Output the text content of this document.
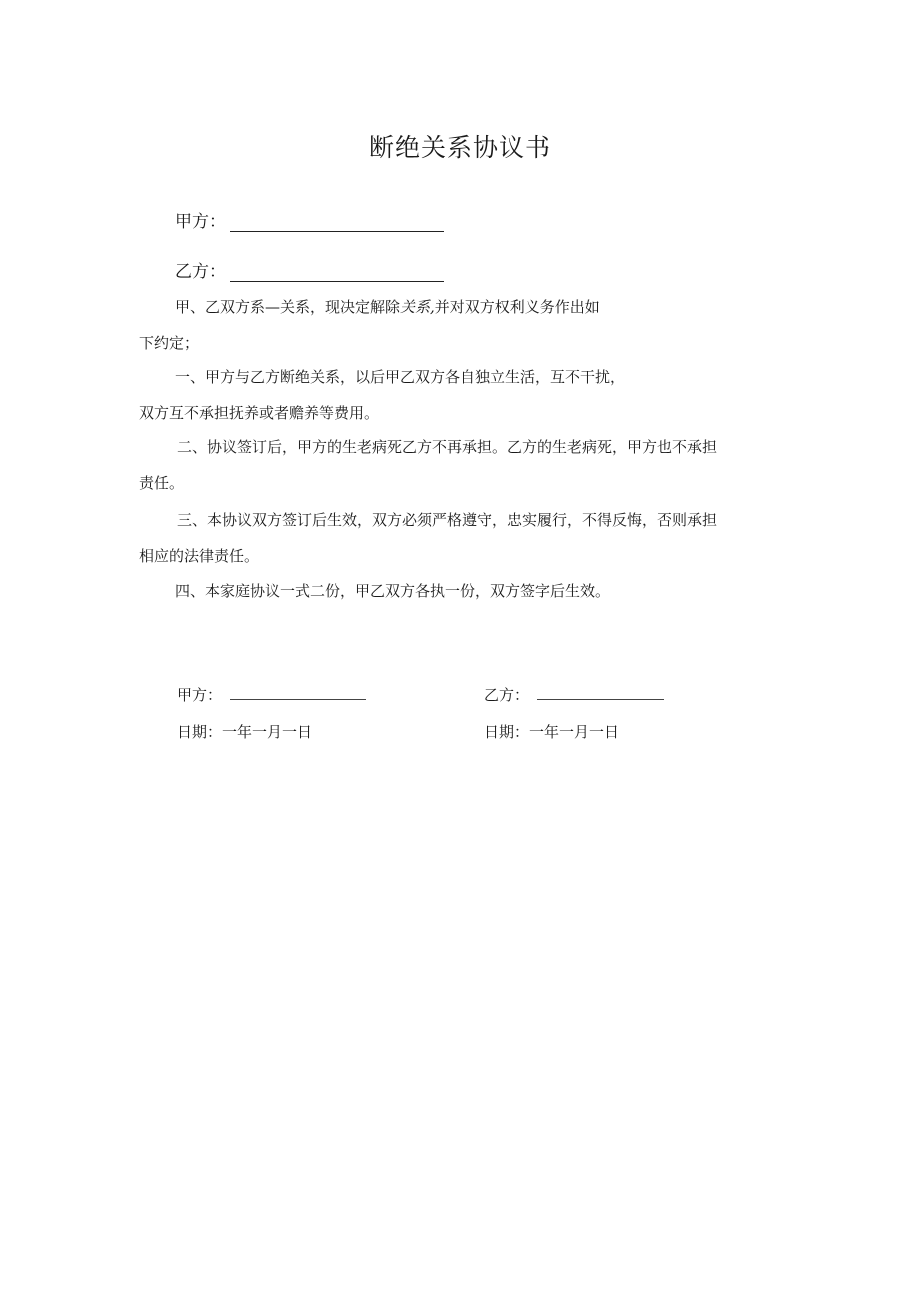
断绝关系协议书
甲方：
乙方：

甲、乙双方系—关系，现决定解除关系,并对双方权利义务作出如
下约定；

一、甲方与乙方断绝关系，以后甲乙双方各自独立生活，互不干扰，
双方互不承担抚养或者赡养等费用。

二、协议签订后，甲方的生老病死乙方不再承担。乙方的生老病死，甲方也不承担
责任。

三、本协议双方签订后生效，双方必须严格遵守，忠实履行，不得反悔，否则承担
相应的法律责任。

四、本家庭协议一式二份，甲乙双方各执一份，双方签字后生效。

甲方：	乙方：
日期：一年一月一日	日期：一年一月一日
